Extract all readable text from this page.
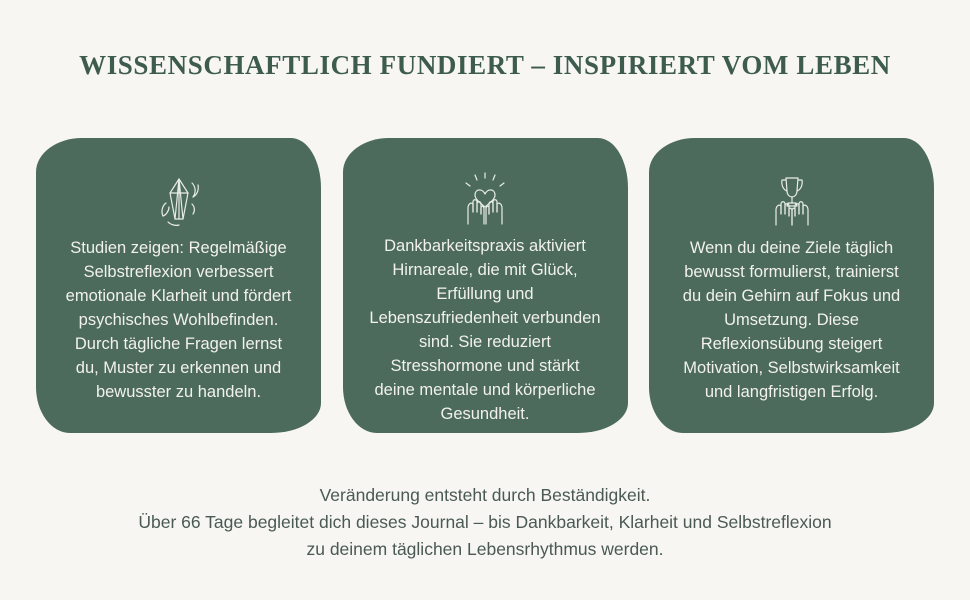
WISSENSCHAFTLICH FUNDIERT – INSPIRIERT VOM LEBEN
Studien zeigen: Regelmäßige Selbstreflexion verbessert emotionale Klarheit und fördert psychisches Wohlbefinden. Durch tägliche Fragen lernst du, Muster zu erkennen und bewusster zu handeln.
Dankbarkeitspraxis aktiviert Hirnareale, die mit Glück, Erfüllung und Lebenszufriedenheit verbunden sind. Sie reduziert Stresshormone und stärkt deine mentale und körperliche Gesundheit.
Wenn du deine Ziele täglich bewusst formulierst, trainierst du dein Gehirn auf Fokus und Umsetzung. Diese Reflexionsübung steigert Motivation, Selbstwirksamkeit und langfristigen Erfolg.
Veränderung entsteht durch Beständigkeit.
Über 66 Tage begleitet dich dieses Journal – bis Dankbarkeit, Klarheit und Selbstreflexion
zu deinem täglichen Lebensrhythmus werden.
